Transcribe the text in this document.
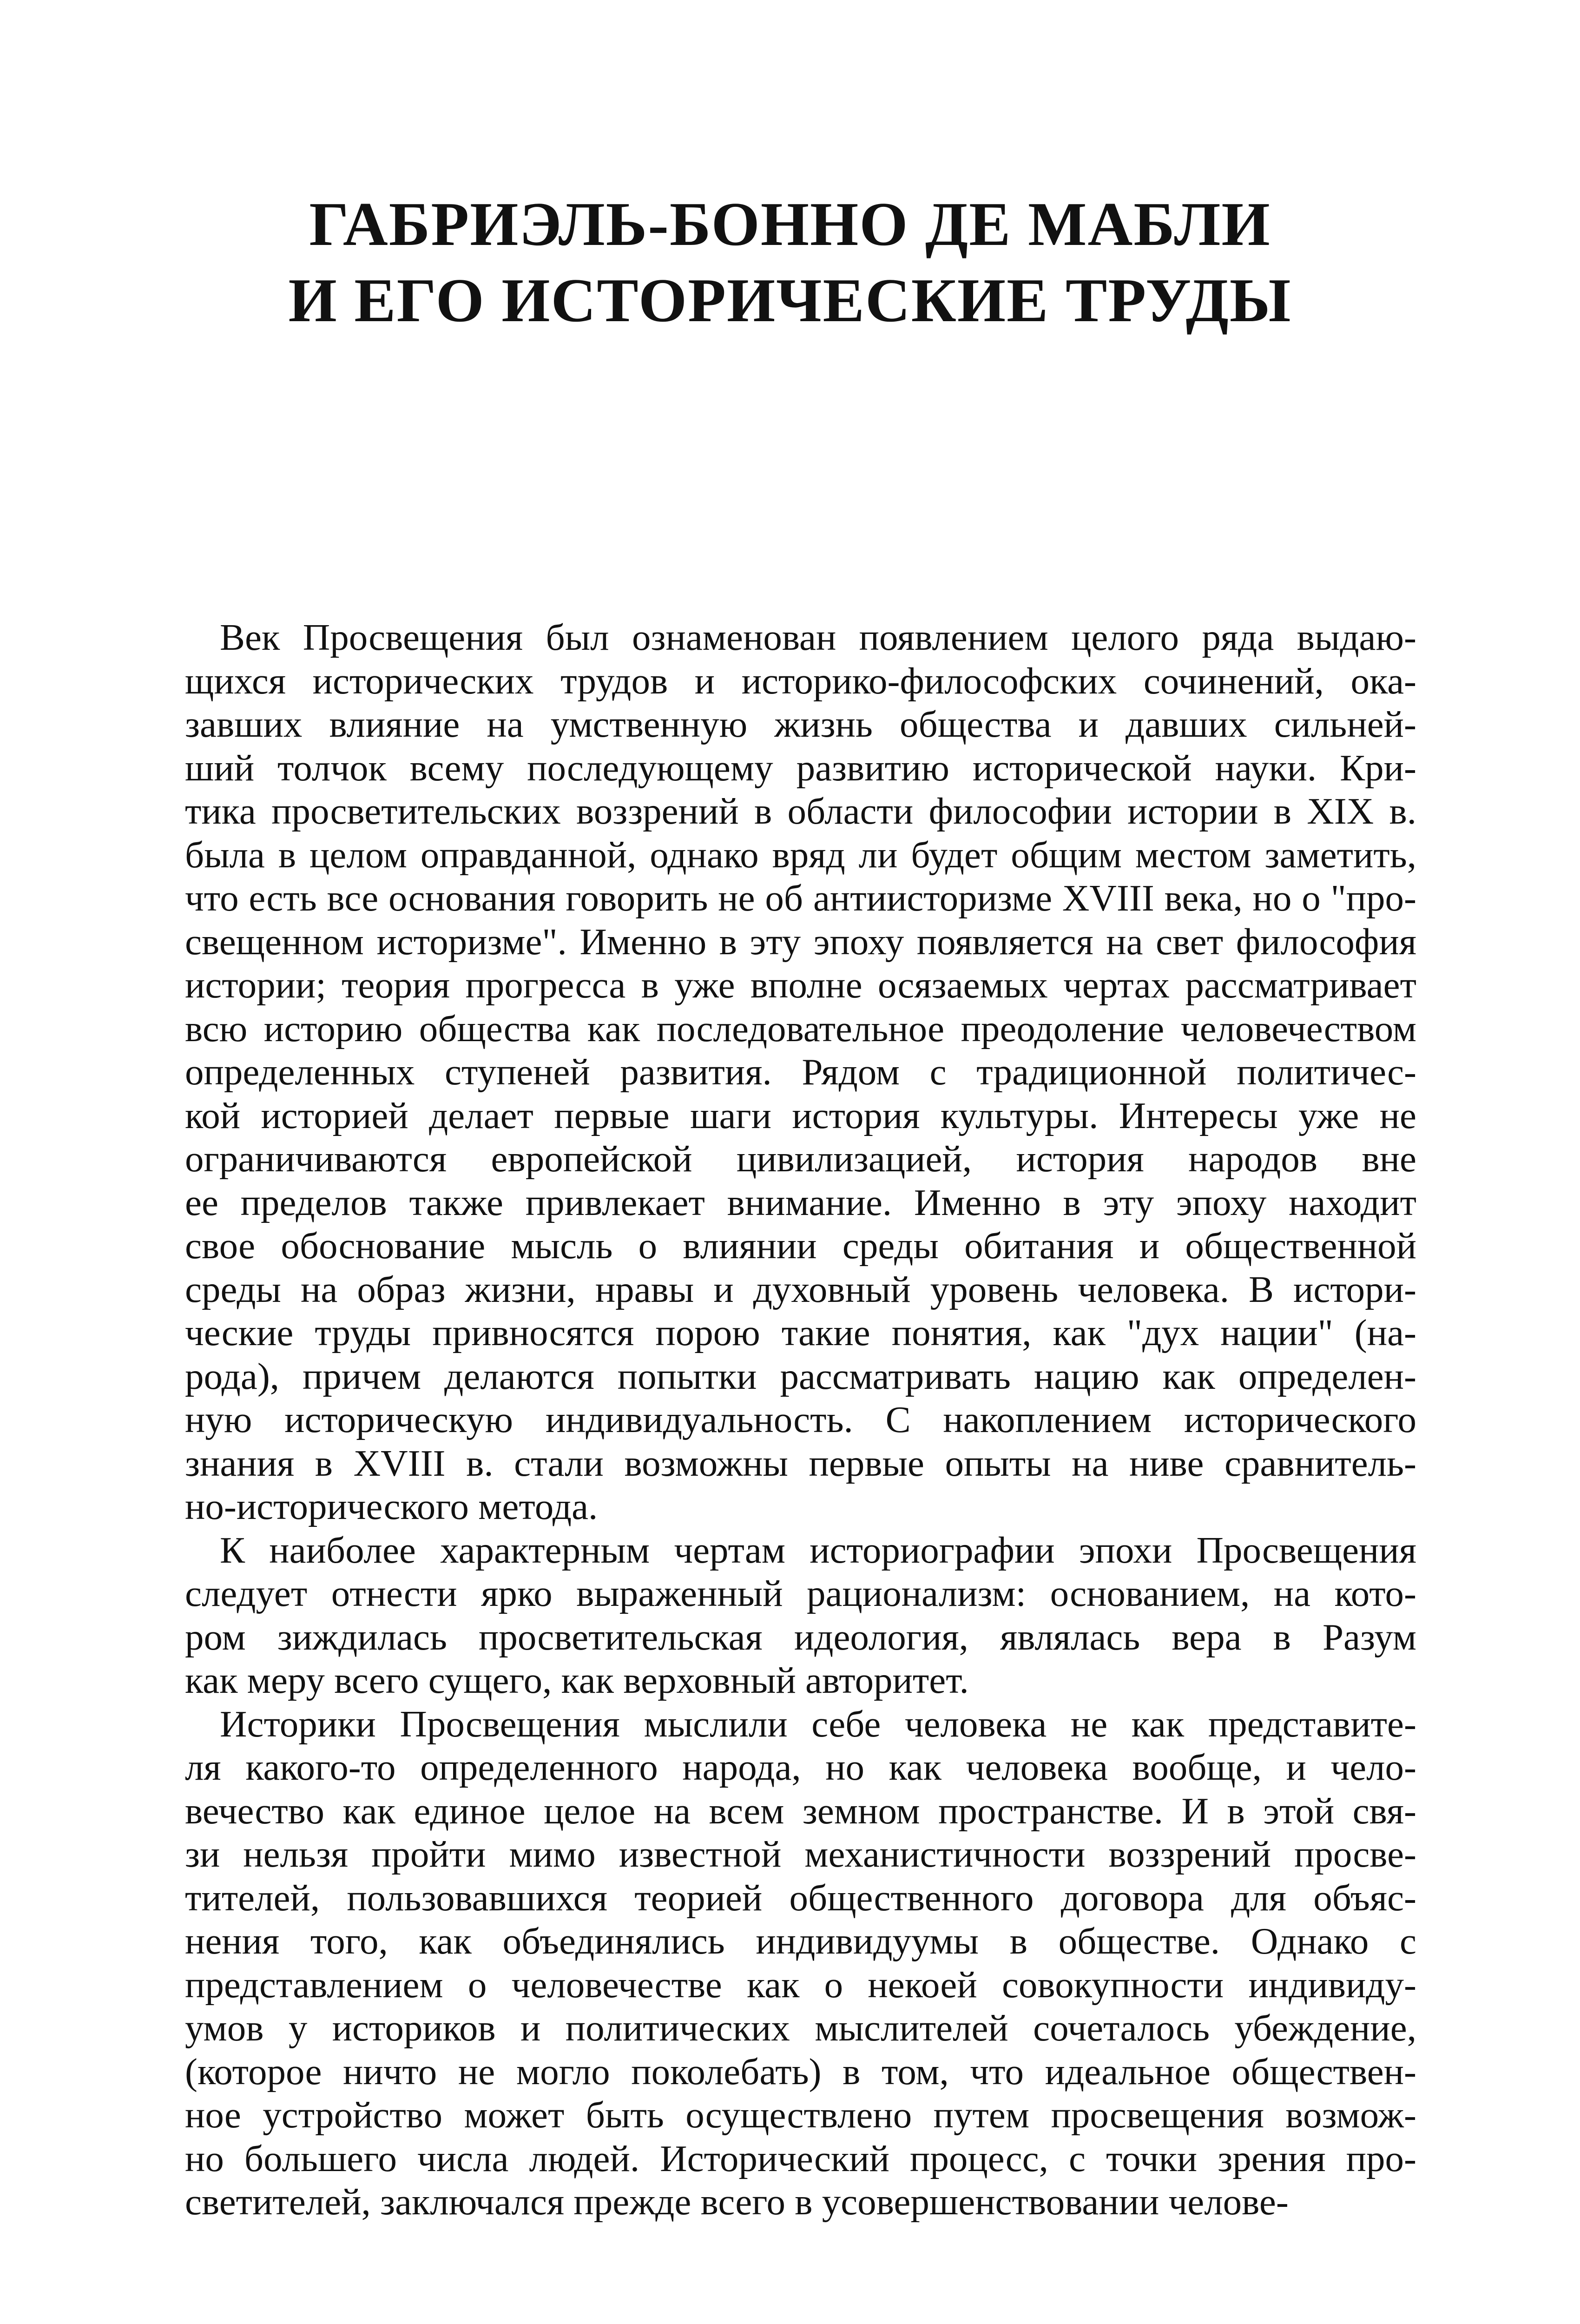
ГАБРИЭЛЬ-БОННО ДЕ МАБЛИ
И ЕГО ИСТОРИЧЕСКИЕ ТРУДЫ
Век Просвещения был ознаменован появлением целого ряда выдаю-
щихся исторических трудов и историко-философских сочинений, ока-
завших влияние на умственную жизнь общества и давших сильней-
ший толчок всему последующему развитию исторической науки. Кри-
тика просветительских воззрений в области философии истории в XIX в.
была в целом оправданной, однако вряд ли будет общим местом заметить,
что есть все основания говорить не об антиисторизме XVIII века, но о "про-
свещенном историзме". Именно в эту эпоху появляется на свет философия
истории; теория прогресса в уже вполне осязаемых чертах рассматривает
всю историю общества как последовательное преодоление человечеством
определенных ступеней развития. Рядом с традиционной политичес-
кой историей делает первые шаги история культуры. Интересы уже не
ограничиваются европейской цивилизацией, история народов вне
ее пределов также привлекает внимание. Именно в эту эпоху находит
свое обоснование мысль о влиянии среды обитания и общественной
среды на образ жизни, нравы и духовный уровень человека. В истори-
ческие труды привносятся порою такие понятия, как "дух нации" (на-
рода), причем делаются попытки рассматривать нацию как определен-
ную историческую индивидуальность. С накоплением исторического
знания в XVIII в. стали возможны первые опыты на ниве сравнитель-
но-исторического метода.
К наиболее характерным чертам историографии эпохи Просвещения
следует отнести ярко выраженный рационализм: основанием, на кото-
ром зиждилась просветительская идеология, являлась вера в Разум
как меру всего сущего, как верховный авторитет.
Историки Просвещения мыслили себе человека не как представите-
ля какого-то определенного народа, но как человека вообще, и чело-
вечество как единое целое на всем земном пространстве. И в этой свя-
зи нельзя пройти мимо известной механистичности воззрений просве-
тителей, пользовавшихся теорией общественного договора для объяс-
нения того, как объединялись индивидуумы в обществе. Однако с
представлением о человечестве как о некоей совокупности индивиду-
умов у историков и политических мыслителей сочеталось убеждение,
(которое ничто не могло поколебать) в том, что идеальное обществен-
ное устройство может быть осуществлено путем просвещения возмож-
но большего числа людей. Исторический процесс, с точки зрения про-
светителей, заключался прежде всего в усовершенствовании челове-
